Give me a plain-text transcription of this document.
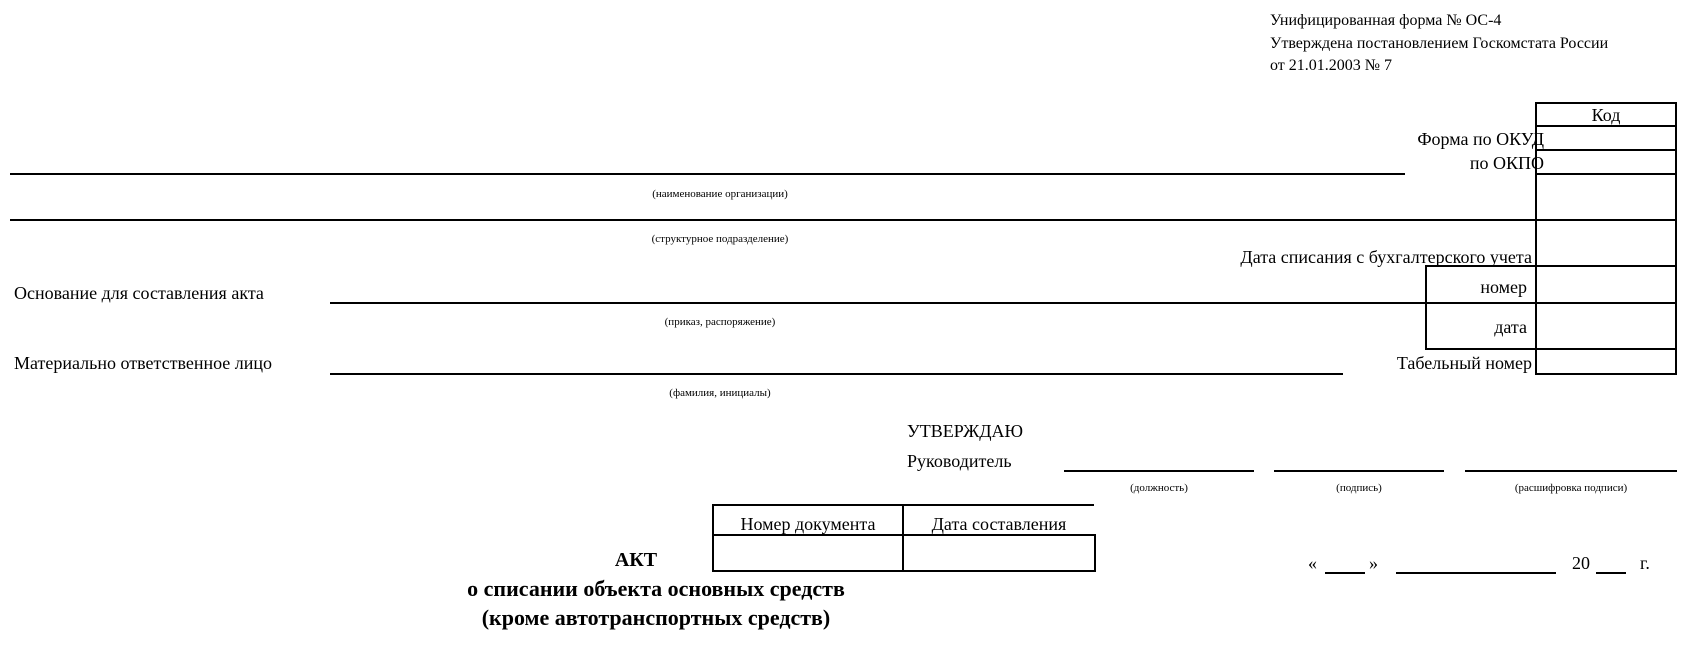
Унифицированная форма № ОС-4
Утверждена постановлением Госкомстата России
от 21.01.2003 № 7
Код
Форма по ОКУД
по ОКПО
Дата списания с бухгалтерского учета
номер
дата
Табельный номер
(наименование организации)
(структурное подразделение)
Основание для составления акта
(приказ, распоряжение)
Материально ответственное лицо
(фамилия, инициалы)
УТВЕРЖДАЮ
Руководитель
(должность)	(подпись)	(расшифровка подписи)
«	»	20	г.
Номер документа	Дата составления
АКТ
о списании объекта основных средств
(кроме автотранспортных средств)
